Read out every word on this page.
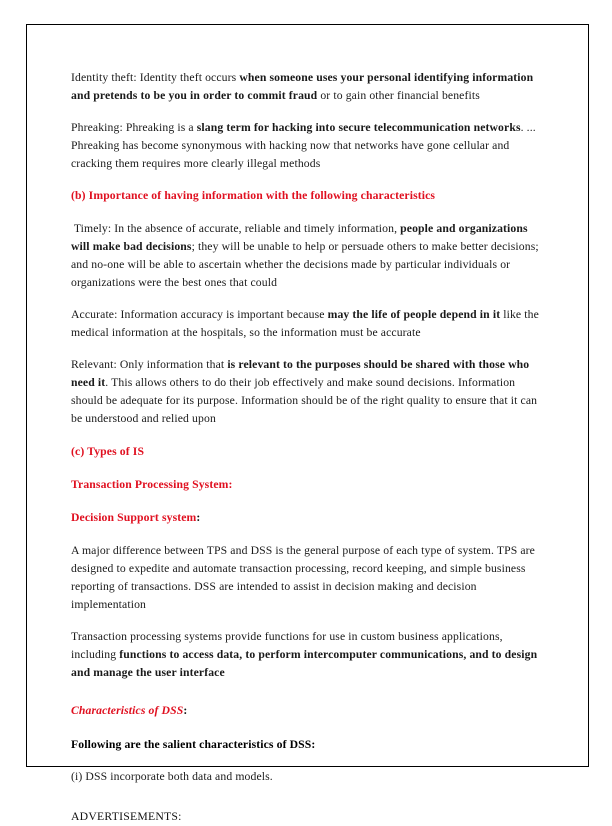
Identity theft: Identity theft occurs when someone uses your personal identifying information and pretends to be you in order to commit fraud or to gain other financial benefits

Phreaking: Phreaking is a slang term for hacking into secure telecommunication networks. ... Phreaking has become synonymous with hacking now that networks have gone cellular and cracking them requires more clearly illegal methods

(b) Importance of having information with the following characteristics

Timely: In the absence of accurate, reliable and timely information, people and organizations will make bad decisions; they will be unable to help or persuade others to make better decisions; and no-one will be able to ascertain whether the decisions made by particular individuals or organizations were the best ones that could

Accurate: Information accuracy is important because may the life of people depend in it like the medical information at the hospitals, so the information must be accurate

Relevant: Only information that is relevant to the purposes should be shared with those who need it. This allows others to do their job effectively and make sound decisions. Information should be adequate for its purpose. Information should be of the right quality to ensure that it can be understood and relied upon

(c) Types of IS

Transaction Processing System:

Decision Support system:

A major difference between TPS and DSS is the general purpose of each type of system. TPS are designed to expedite and automate transaction processing, record keeping, and simple business reporting of transactions. DSS are intended to assist in decision making and decision implementation

Transaction processing systems provide functions for use in custom business applications, including functions to access data, to perform intercomputer communications, and to design and manage the user interface

Characteristics of DSS:

Following are the salient characteristics of DSS:

(i) DSS incorporate both data and models.

ADVERTISEMENTS:
